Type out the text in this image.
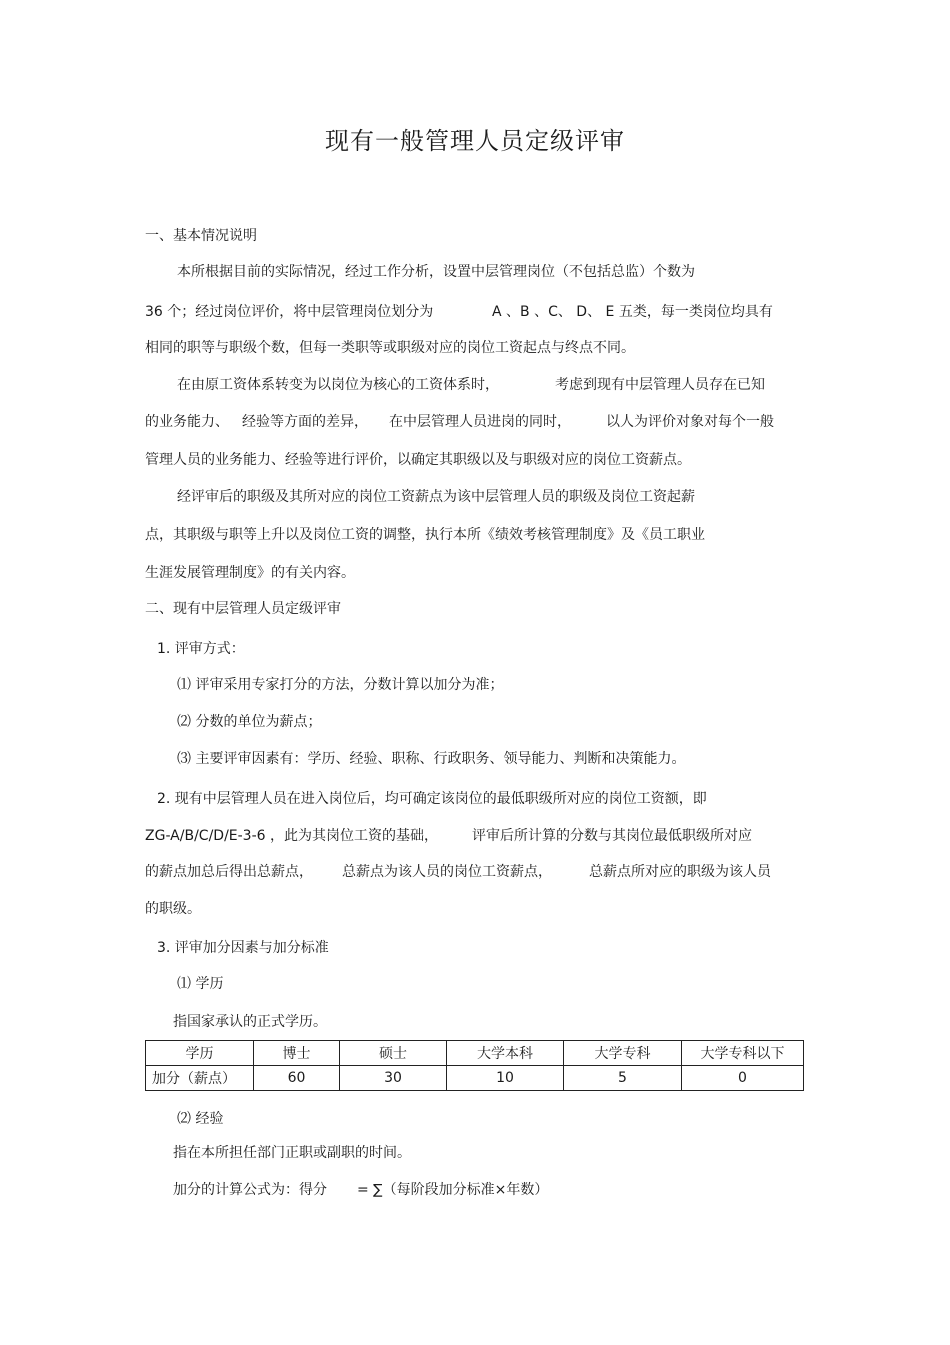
现有一般管理人员定级评审
一、基本情况说明
本所根据目前的实际情况，经过工作分析，设置中层管理岗位（不包括总监）个数为
36 个；经过岗位评价，将中层管理岗位划分为	A 、B 、C、 D、 E 五类，每一类岗位均具有
相同的职等与职级个数，但每一类职等或职级对应的岗位工资起点与终点不同。
在由原工资体系转变为以岗位为核心的工资体系时，	考虑到现有中层管理人员存在已知
的业务能力、 经验等方面的差异， 在中层管理人员进岗的同时，	以人为评价对象对每个一般
管理人员的业务能力、经验等进行评价，以确定其职级以及与职级对应的岗位工资薪点。
经评审后的职级及其所对应的岗位工资薪点为该中层管理人员的职级及岗位工资起薪
点，其职级与职等上升以及岗位工资的调整，执行本所《绩效考核管理制度》及《员工职业
生涯发展管理制度》的有关内容。
二、现有中层管理人员定级评审
1. 评审方式：
⑴ 评审采用专家打分的方法，分数计算以加分为准；
⑵ 分数的单位为薪点；
⑶ 主要评审因素有：学历、经验、职称、行政职务、领导能力、判断和决策能力。
2. 现有中层管理人员在进入岗位后，均可确定该岗位的最低职级所对应的岗位工资额，即
ZG-A/B/C/D/E-3-6 ，此为其岗位工资的基础， 评审后所计算的分数与其岗位最低职级所对应
的薪点加总后得出总薪点， 总薪点为该人员的岗位工资薪点，	总薪点所对应的职级为该人员
的职级。
3. 评审加分因素与加分标准
⑴ 学历
指国家承认的正式学历。
学历	博士	硕士	大学本科	大学专科	大学专科以下
加分（薪点）	60	30	10	5	0
⑵ 经验
指在本所担任部门正职或副职的时间。
加分的计算公式为：得分 = ∑（每阶段加分标准×年数）
